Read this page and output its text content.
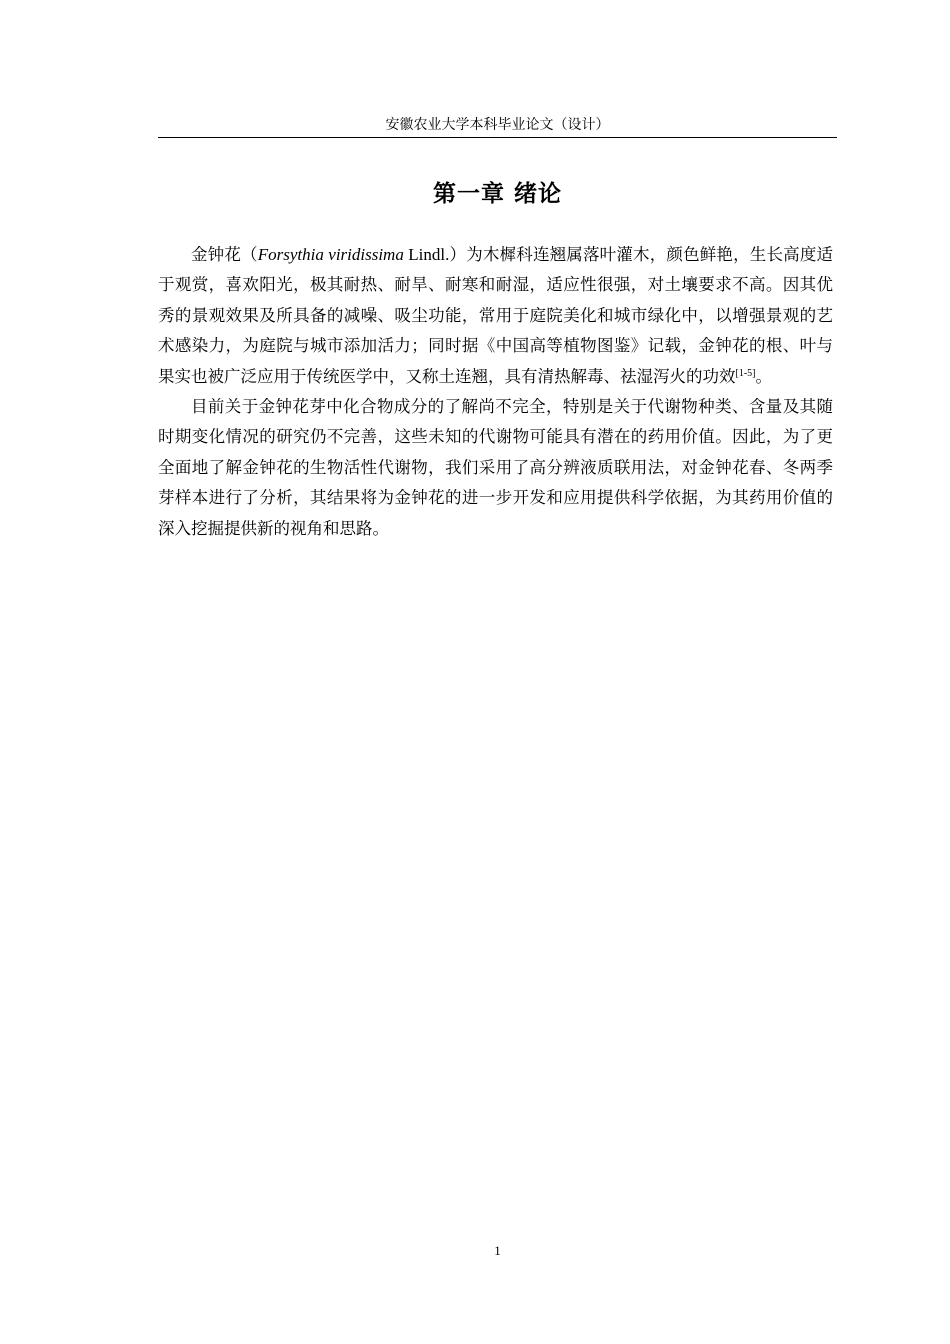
安徽农业大学本科毕业论文（设计）
第一章 绪论

金钟花（Forsythia viridissima Lindl.）为木樨科连翘属落叶灌木，颜色鲜艳，生长高度适于观赏，喜欢阳光，极其耐热、耐旱、耐寒和耐湿，适应性很强，对土壤要求不高。因其优秀的景观效果及所具备的减噪、吸尘功能，常用于庭院美化和城市绿化中，以增强景观的艺术感染力，为庭院与城市添加活力；同时据《中国高等植物图鉴》记载，金钟花的根、叶与果实也被广泛应用于传统医学中，又称土连翘，具有清热解毒、祛湿泻火的功效[1-5]。

目前关于金钟花芽中化合物成分的了解尚不完全，特别是关于代谢物种类、含量及其随时期变化情况的研究仍不完善，这些未知的代谢物可能具有潜在的药用价值。因此，为了更全面地了解金钟花的生物活性代谢物，我们采用了高分辨液质联用法，对金钟花春、冬两季芽样本进行了分析，其结果将为金钟花的进一步开发和应用提供科学依据，为其药用价值的深入挖掘提供新的视角和思路。

1
